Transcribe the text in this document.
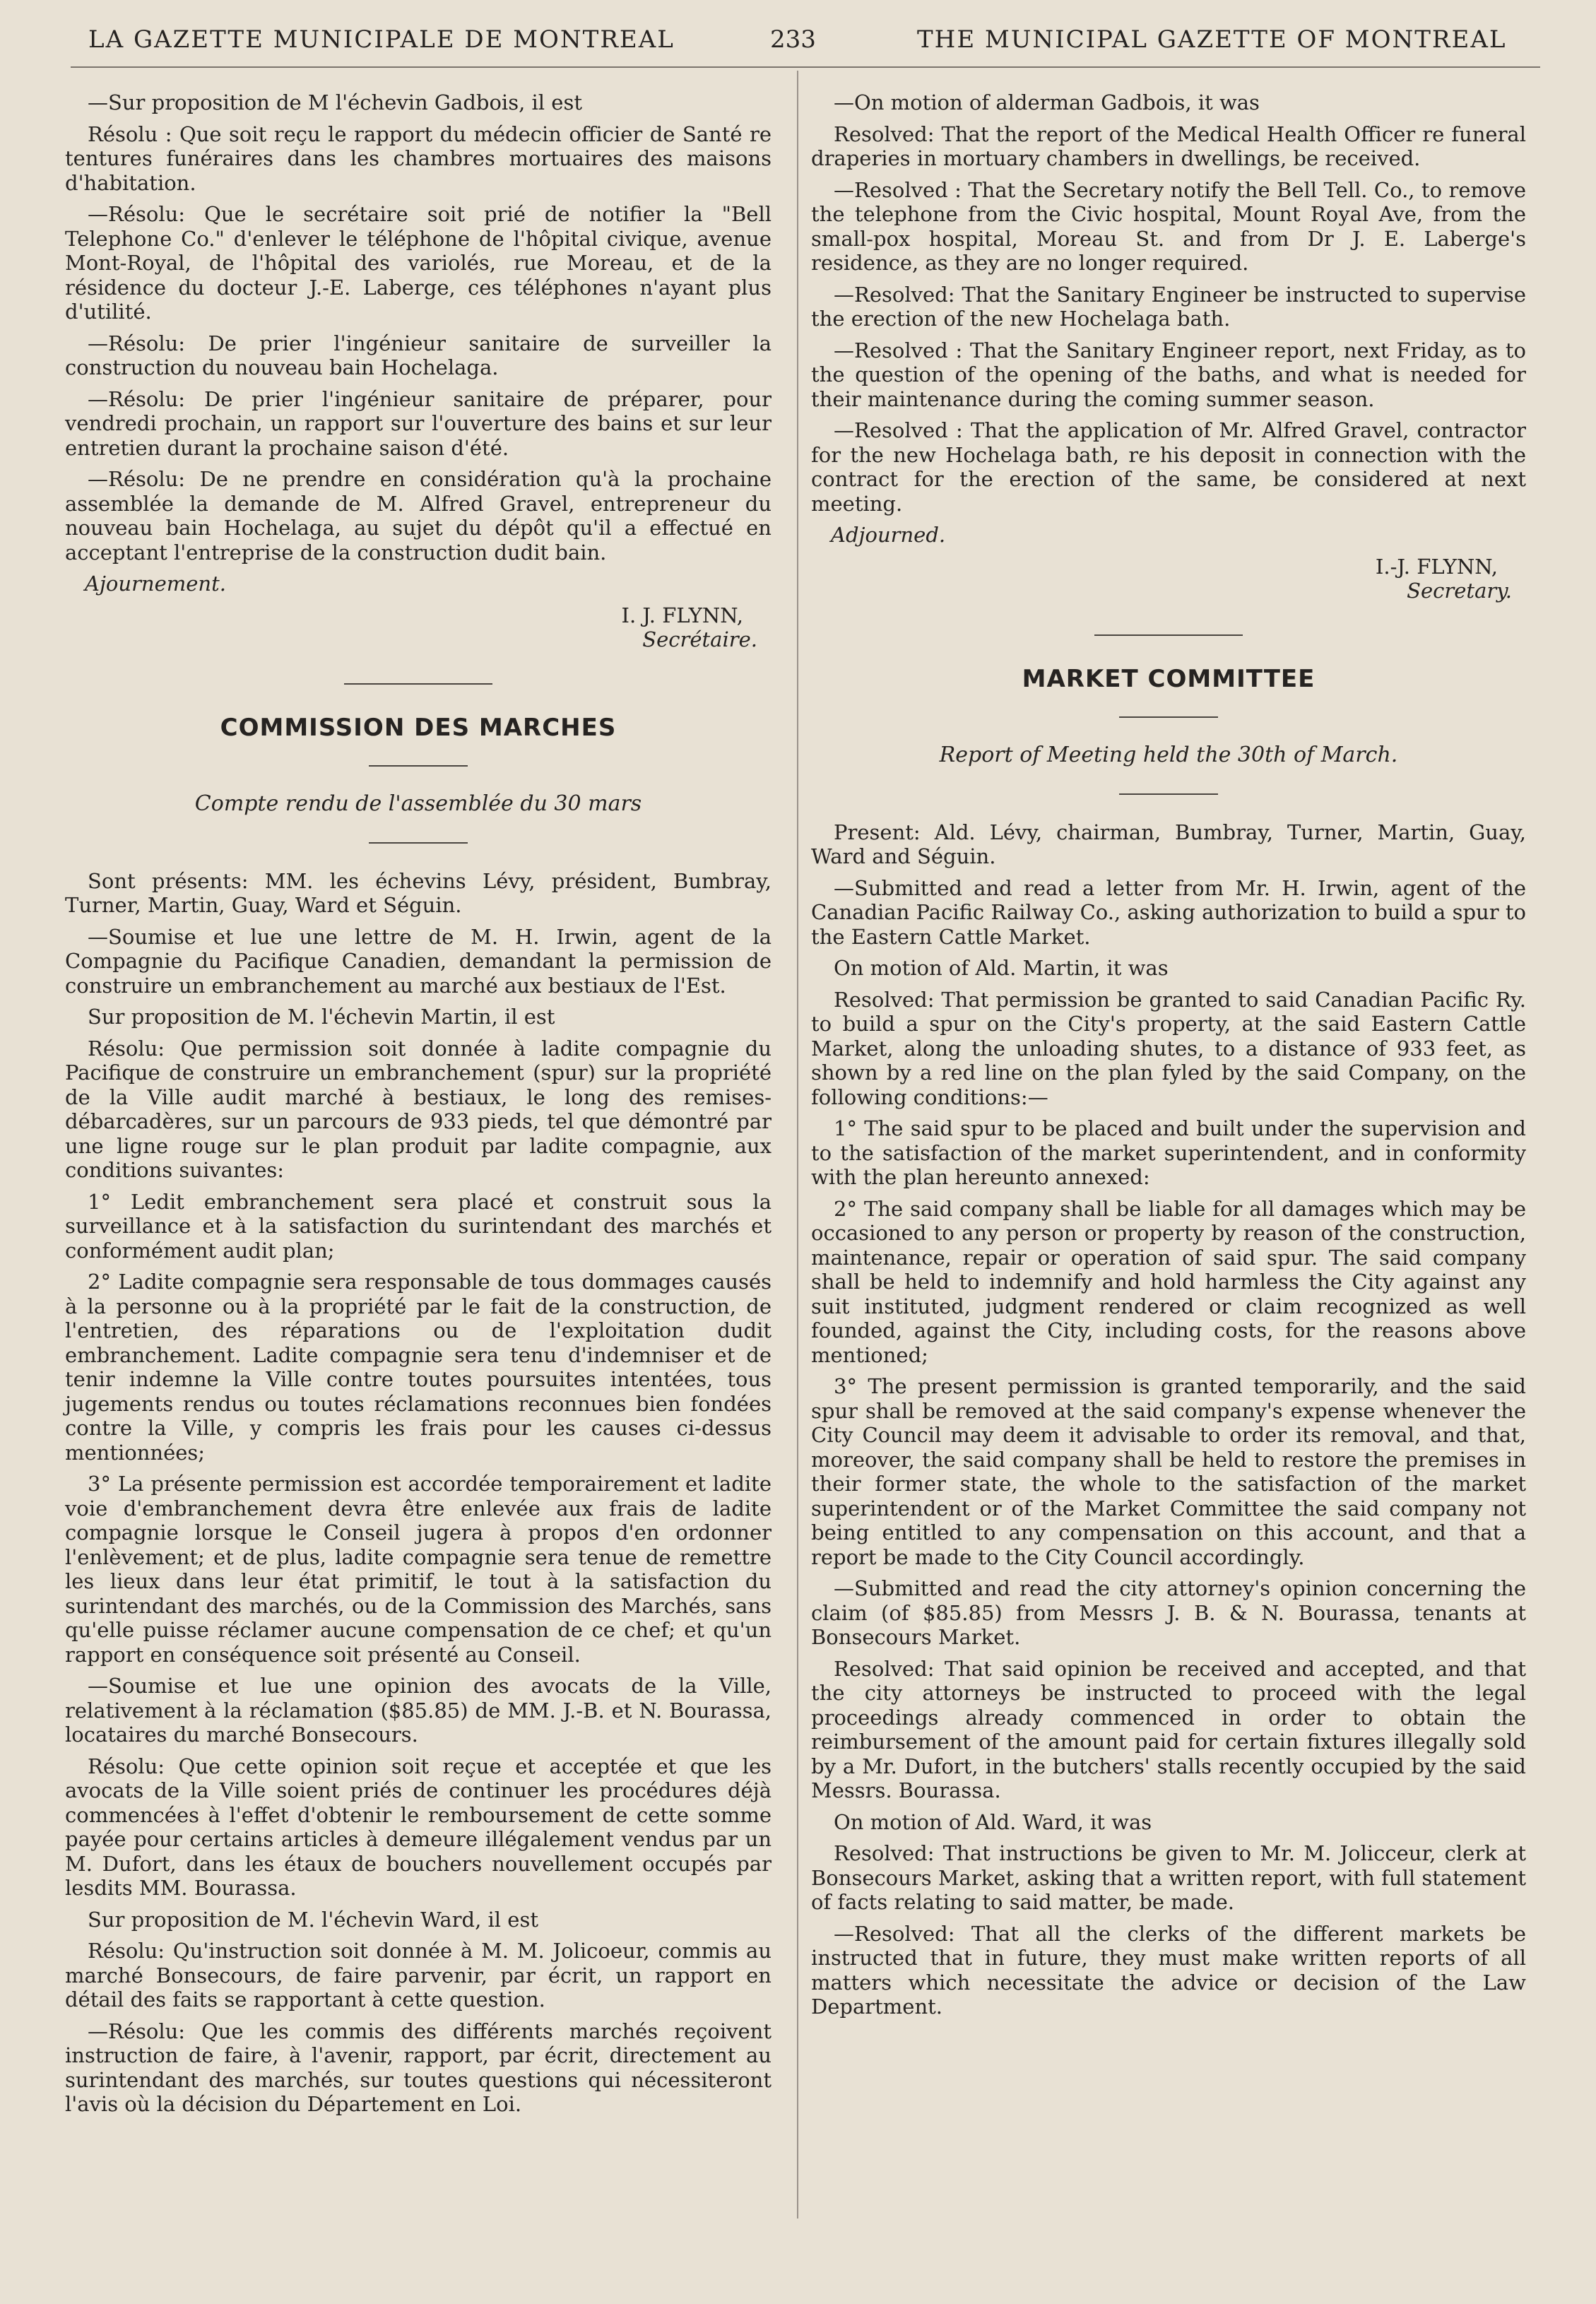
LA GAZETTE MUNICIPALE DE MONTREAL	233	THE MUNICIPAL GAZETTE OF MONTREAL

—Sur proposition de M l'échevin Gadbois, il est

Résolu : Que soit reçu le rapport du médecin officier de Santé re tentures funéraires dans les chambres mortuaires des maisons d'habitation.

—Résolu: Que le secrétaire soit prié de notifier la "Bell Telephone Co." d'enlever le téléphone de l'hôpital civique, avenue Mont-Royal, de l'hôpital des variolés, rue Moreau, et de la résidence du docteur J.-E. Laberge, ces téléphones n'ayant plus d'utilité.

—Résolu: De prier l'ingénieur sanitaire de surveiller la construction du nouveau bain Hochelaga.

—Résolu: De prier l'ingénieur sanitaire de préparer, pour vendredi prochain, un rapport sur l'ouverture des bains et sur leur entretien durant la prochaine saison d'été.

—Résolu: De ne prendre en considération qu'à la prochaine assemblée la demande de M. Alfred Gravel, entrepreneur du nouveau bain Hochelaga, au sujet du dépôt qu'il a effectué en acceptant l'entreprise de la construction dudit bain.

Ajournement.
I. J. FLYNN,
Secrétaire.
COMMISSION DES MARCHES

Compte rendu de l'assemblée du 30 mars

Sont présents: MM. les échevins Lévy, président, Bumbray, Turner, Martin, Guay, Ward et Séguin.

—Soumise et lue une lettre de M. H. Irwin, agent de la Compagnie du Pacifique Canadien, demandant la permission de construire un embranchement au marché aux bestiaux de l'Est.

Sur proposition de M. l'échevin Martin, il est

Résolu: Que permission soit donnée à ladite compagnie du Pacifique de construire un embranchement (spur) sur la propriété de la Ville audit marché à bestiaux, le long des remises-débarcadères, sur un parcours de 933 pieds, tel que démontré par une ligne rouge sur le plan produit par ladite compagnie, aux conditions suivantes:

1° Ledit embranchement sera placé et construit sous la surveillance et à la satisfaction du surintendant des marchés et conformément audit plan;

2° Ladite compagnie sera responsable de tous dommages causés à la personne ou à la propriété par le fait de la construction, de l'entretien, des réparations ou de l'exploitation dudit embranchement. Ladite compagnie sera tenu d'indemniser et de tenir indemne la Ville contre toutes poursuites intentées, tous jugements rendus ou toutes réclamations reconnues bien fondées contre la Ville, y compris les frais pour les causes ci-dessus mentionnées;

3° La présente permission est accordée temporairement et ladite voie d'embranchement devra être enlevée aux frais de ladite compagnie lorsque le Conseil jugera à propos d'en ordonner l'enlèvement; et de plus, ladite compagnie sera tenue de remettre les lieux dans leur état primitif, le tout à la satisfaction du surintendant des marchés, ou de la Commission des Marchés, sans qu'elle puisse réclamer aucune compensation de ce chef; et qu'un rapport en conséquence soit présenté au Conseil.

—Soumise et lue une opinion des avocats de la Ville, relativement à la réclamation ($85.85) de MM. J.-B. et N. Bourassa, locataires du marché Bonsecours.

Résolu: Que cette opinion soit reçue et acceptée et que les avocats de la Ville soient priés de continuer les procédures déjà commencées à l'effet d'obtenir le remboursement de cette somme payée pour certains articles à demeure illégalement vendus par un M. Dufort, dans les étaux de bouchers nouvellement occupés par lesdits MM. Bourassa.

Sur proposition de M. l'échevin Ward, il est

Résolu: Qu'instruction soit donnée à M. M. Jolicoeur, commis au marché Bonsecours, de faire parvenir, par écrit, un rapport en détail des faits se rapportant à cette question.

—Résolu: Que les commis des différents marchés reçoivent instruction de faire, à l'avenir, rapport, par écrit, directement au surintendant des marchés, sur toutes questions qui nécessiteront l'avis où la décision du Département en Loi.

—On motion of alderman Gadbois, it was

Resolved: That the report of the Medical Health Officer re funeral draperies in mortuary chambers in dwellings, be received.

—Resolved : That the Secretary notify the Bell Tell. Co., to remove the telephone from the Civic hospital, Mount Royal Ave, from the small-pox hospital, Moreau St. and from Dr J. E. Laberge's residence, as they are no longer required.

—Resolved: That the Sanitary Engineer be instructed to supervise the erection of the new Hochelaga bath.

—Resolved : That the Sanitary Engineer report, next Friday, as to the question of the opening of the baths, and what is needed for their maintenance during the coming summer season.

—Resolved : That the application of Mr. Alfred Gravel, contractor for the new Hochelaga bath, re his deposit in connection with the contract for the erection of the same, be considered at next meeting.

Adjourned.
I.-J. FLYNN,
Secretary.
MARKET COMMITTEE

Report of Meeting held the 30th of March.

Present: Ald. Lévy, chairman, Bumbray, Turner, Martin, Guay, Ward and Séguin.

—Submitted and read a letter from Mr. H. Irwin, agent of the Canadian Pacific Railway Co., asking authorization to build a spur to the Eastern Cattle Market.

On motion of Ald. Martin, it was

Resolved: That permission be granted to said Canadian Pacific Ry. to build a spur on the City's property, at the said Eastern Cattle Market, along the unloading shutes, to a distance of 933 feet, as shown by a red line on the plan fyled by the said Company, on the following conditions:—

1° The said spur to be placed and built under the supervision and to the satisfaction of the market superintendent, and in conformity with the plan hereunto annexed:

2° The said company shall be liable for all damages which may be occasioned to any person or property by reason of the construction, maintenance, repair or operation of said spur. The said company shall be held to indemnify and hold harmless the City against any suit instituted, judgment rendered or claim recognized as well founded, against the City, including costs, for the reasons above mentioned;

3° The present permission is granted temporarily, and the said spur shall be removed at the said company's expense whenever the City Council may deem it advisable to order its removal, and that, moreover, the said company shall be held to restore the premises in their former state, the whole to the satisfaction of the market superintendent or of the Market Committee the said company not being entitled to any compensation on this account, and that a report be made to the City Council accordingly.

—Submitted and read the city attorney's opinion concerning the claim (of $85.85) from Messrs J. B. & N. Bourassa, tenants at Bonsecours Market.

Resolved: That said opinion be received and accepted, and that the city attorneys be instructed to proceed with the legal proceedings already commenced in order to obtain the reimbursement of the amount paid for certain fixtures illegally sold by a Mr. Dufort, in the butchers' stalls recently occupied by the said Messrs. Bourassa.

On motion of Ald. Ward, it was

Resolved: That instructions be given to Mr. M. Jolicceur, clerk at Bonsecours Market, asking that a written report, with full statement of facts relating to said matter, be made.

—Resolved: That all the clerks of the different markets be instructed that in future, they must make written reports of all matters which necessitate the advice or decision of the Law Department.
